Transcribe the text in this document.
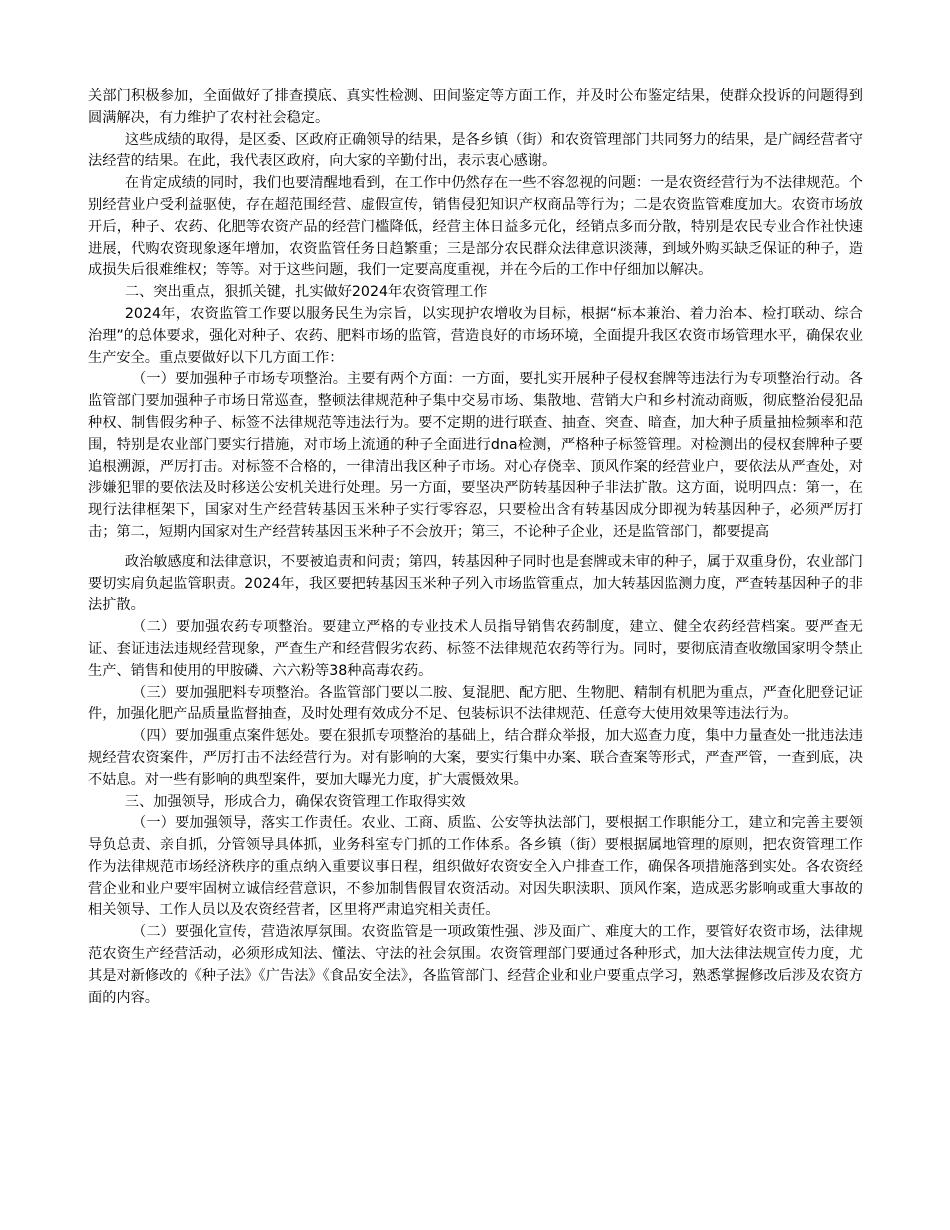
关部门积极参加，全面做好了排查摸底、真实性检测、田间鉴定等方面工作，并及时公布鉴定结果，使群众投诉的问题得到圆满解决，有力维护了农村社会稳定。

这些成绩的取得，是区委、区政府正确领导的结果，是各乡镇（街）和农资管理部门共同努力的结果，是广阔经营者守法经营的结果。在此，我代表区政府，向大家的辛勤付出，表示衷心感谢。

在肯定成绩的同时，我们也要清醒地看到，在工作中仍然存在一些不容忽视的问题：一是农资经营行为不法律规范。个别经营业户受利益驱使，存在超范围经营、虚假宣传，销售侵犯知识产权商品等行为；二是农资监管难度加大。农资市场放开后，种子、农药、化肥等农资产品的经营门槛降低，经营主体日益多元化，经销点多而分散，特别是农民专业合作社快速进展，代购农资现象逐年增加，农资监管任务日趋繁重；三是部分农民群众法律意识淡薄，到域外购买缺乏保证的种子，造成损失后很难维权；等等。对于这些问题，我们一定要高度重视，并在今后的工作中仔细加以解决。

二、突出重点，狠抓关键，扎实做好2024年农资管理工作

2024年，农资监管工作要以服务民生为宗旨，以实现护农增收为目标，根据“标本兼治、着力治本、检打联动、综合治理”的总体要求，强化对种子、农药、肥料市场的监管，营造良好的市场环境，全面提升我区农资市场管理水平，确保农业生产安全。重点要做好以下几方面工作：

（一）要加强种子市场专项整治。主要有两个方面：一方面，要扎实开展种子侵权套牌等违法行为专项整治行动。各监管部门要加强种子市场日常巡查，整顿法律规范种子集中交易市场、集散地、营销大户和乡村流动商贩，彻底整治侵犯品种权、制售假劣种子、标签不法律规范等违法行为。要不定期的进行联查、抽查、突查、暗查，加大种子质量抽检频率和范围，特别是农业部门要实行措施，对市场上流通的种子全面进行dna检测，严格种子标签管理。对检测出的侵权套牌种子要追根溯源，严厉打击。对标签不合格的，一律清出我区种子市场。对心存侥幸、顶风作案的经营业户，要依法从严查处，对涉嫌犯罪的要依法及时移送公安机关进行处理。另一方面，要坚决严防转基因种子非法扩散。这方面，说明四点：第一，在现行法律框架下，国家对生产经营转基因玉米种子实行零容忍，只要检出含有转基因成分即视为转基因种子，必须严厉打击；第二，短期内国家对生产经营转基因玉米种子不会放开；第三，不论种子企业，还是监管部门，都要提高

政治敏感度和法律意识，不要被追责和问责；第四，转基因种子同时也是套牌或未审的种子，属于双重身份，农业部门要切实肩负起监管职责。2024年，我区要把转基因玉米种子列入市场监管重点，加大转基因监测力度，严查转基因种子的非法扩散。

（二）要加强农药专项整治。要建立严格的专业技术人员指导销售农药制度，建立、健全农药经营档案。要严查无证、套证违法违规经营现象，严查生产和经营假劣农药、标签不法律规范农药等行为。同时，要彻底清查收缴国家明令禁止生产、销售和使用的甲胺磷、六六粉等38种高毒农药。

（三）要加强肥料专项整治。各监管部门要以二胺、复混肥、配方肥、生物肥、精制有机肥为重点，严查化肥登记证件，加强化肥产品质量监督抽查，及时处理有效成分不足、包装标识不法律规范、任意夸大使用效果等违法行为。

（四）要加强重点案件惩处。要在狠抓专项整治的基础上，结合群众举报，加大巡查力度，集中力量查处一批违法违规经营农资案件，严厉打击不法经营行为。对有影响的大案，要实行集中办案、联合查案等形式，严查严管，一查到底，决不姑息。对一些有影响的典型案件，要加大曝光力度，扩大震慑效果。

三、加强领导，形成合力，确保农资管理工作取得实效

（一）要加强领导，落实工作责任。农业、工商、质监、公安等执法部门，要根据工作职能分工，建立和完善主要领导负总责、亲自抓，分管领导具体抓，业务科室专门抓的工作体系。各乡镇（街）要根据属地管理的原则，把农资管理工作作为法律规范市场经济秩序的重点纳入重要议事日程，组织做好农资安全入户排查工作，确保各项措施落到实处。各农资经营企业和业户要牢固树立诚信经营意识，不参加制售假冒农资活动。对因失职渎职、顶风作案，造成恶劣影响或重大事故的相关领导、工作人员以及农资经营者，区里将严肃追究相关责任。

（二）要强化宣传，营造浓厚氛围。农资监管是一项政策性强、涉及面广、难度大的工作，要管好农资市场，法律规范农资生产经营活动，必须形成知法、懂法、守法的社会氛围。农资管理部门要通过各种形式，加大法律法规宣传力度，尤其是对新修改的《种子法》《广告法》《食品安全法》，各监管部门、经营企业和业户要重点学习，熟悉掌握修改后涉及农资方面的内容。
